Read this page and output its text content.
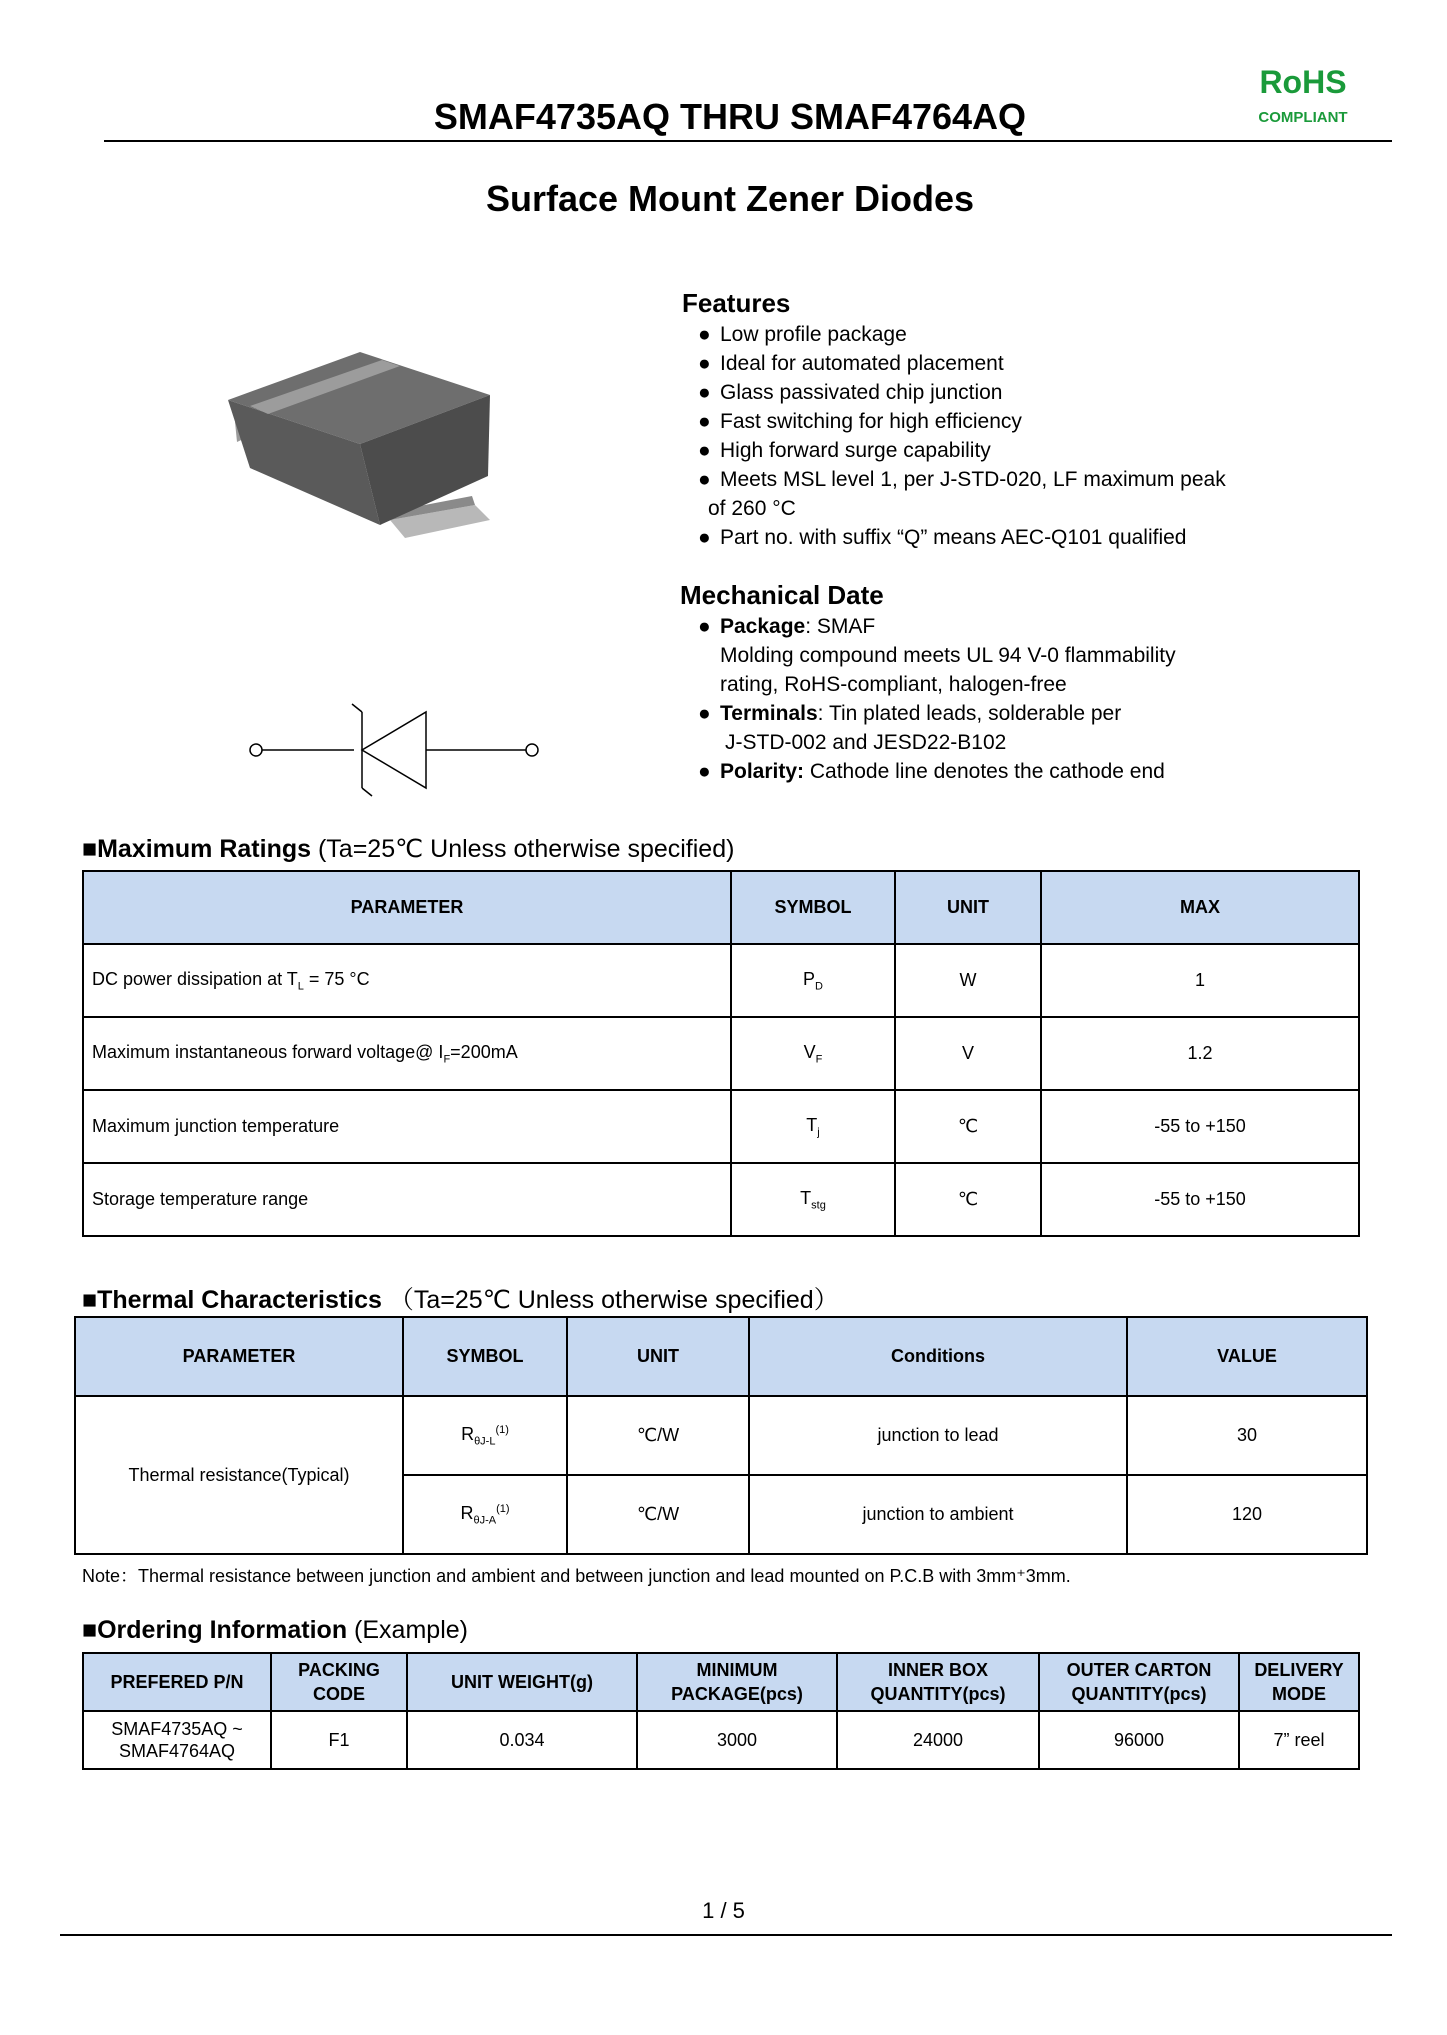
RoHS
COMPLIANT
SMAF4735AQ THRU SMAF4764AQ
Surface Mount Zener Diodes
Features
● Low profile package
● Ideal for automated placement
● Glass passivated chip junction
● Fast switching for high efficiency
● High forward surge capability
● Meets MSL level 1, per J-STD-020, LF maximum peak
of 260 °C
● Part no. with suffix “Q” means AEC-Q101 qualified
Mechanical Date
● Package: SMAF
Molding compound meets UL 94 V-0 flammability
rating, RoHS-compliant, halogen-free
● Terminals: Tin plated leads, solderable per
J-STD-002 and JESD22-B102
● Polarity: Cathode line denotes the cathode end
■Maximum Ratings (Ta=25℃ Unless otherwise specified)
PARAMETER	SYMBOL	UNIT	MAX
DC power dissipation at $T_L = 75$ °C	$P_D$	W	1
Maximum instantaneous forward voltage@ $I_F=200mA$	$V_F$	V	1.2
Maximum junction temperature	$T_j$	℃	-55 to +150
Storage temperature range	$T_{stg}$	℃	-55 to +150
■Thermal Characteristics （Ta=25℃ Unless otherwise specified）
PARAMETER	SYMBOL	UNIT	Conditions	VALUE
Thermal resistance(Typical)	$R_{\theta J-L}^{(1)}$	℃/W	junction to lead	30
	$R_{\theta J-A}^{(1)}$	℃/W	junction to ambient	120
Note：Thermal resistance between junction and ambient and between junction and lead mounted on P.C.B with 3mm⁺3mm.
■Ordering Information (Example)
PREFERED P/N	PACKING CODE	UNIT WEIGHT(g)	MINIMUM PACKAGE(pcs)	INNER BOX QUANTITY(pcs)	OUTER CARTON QUANTITY(pcs)	DELIVERY MODE
SMAF4735AQ ~ SMAF4764AQ	F1	0.034	3000	24000	96000	7” reel
1 / 5
